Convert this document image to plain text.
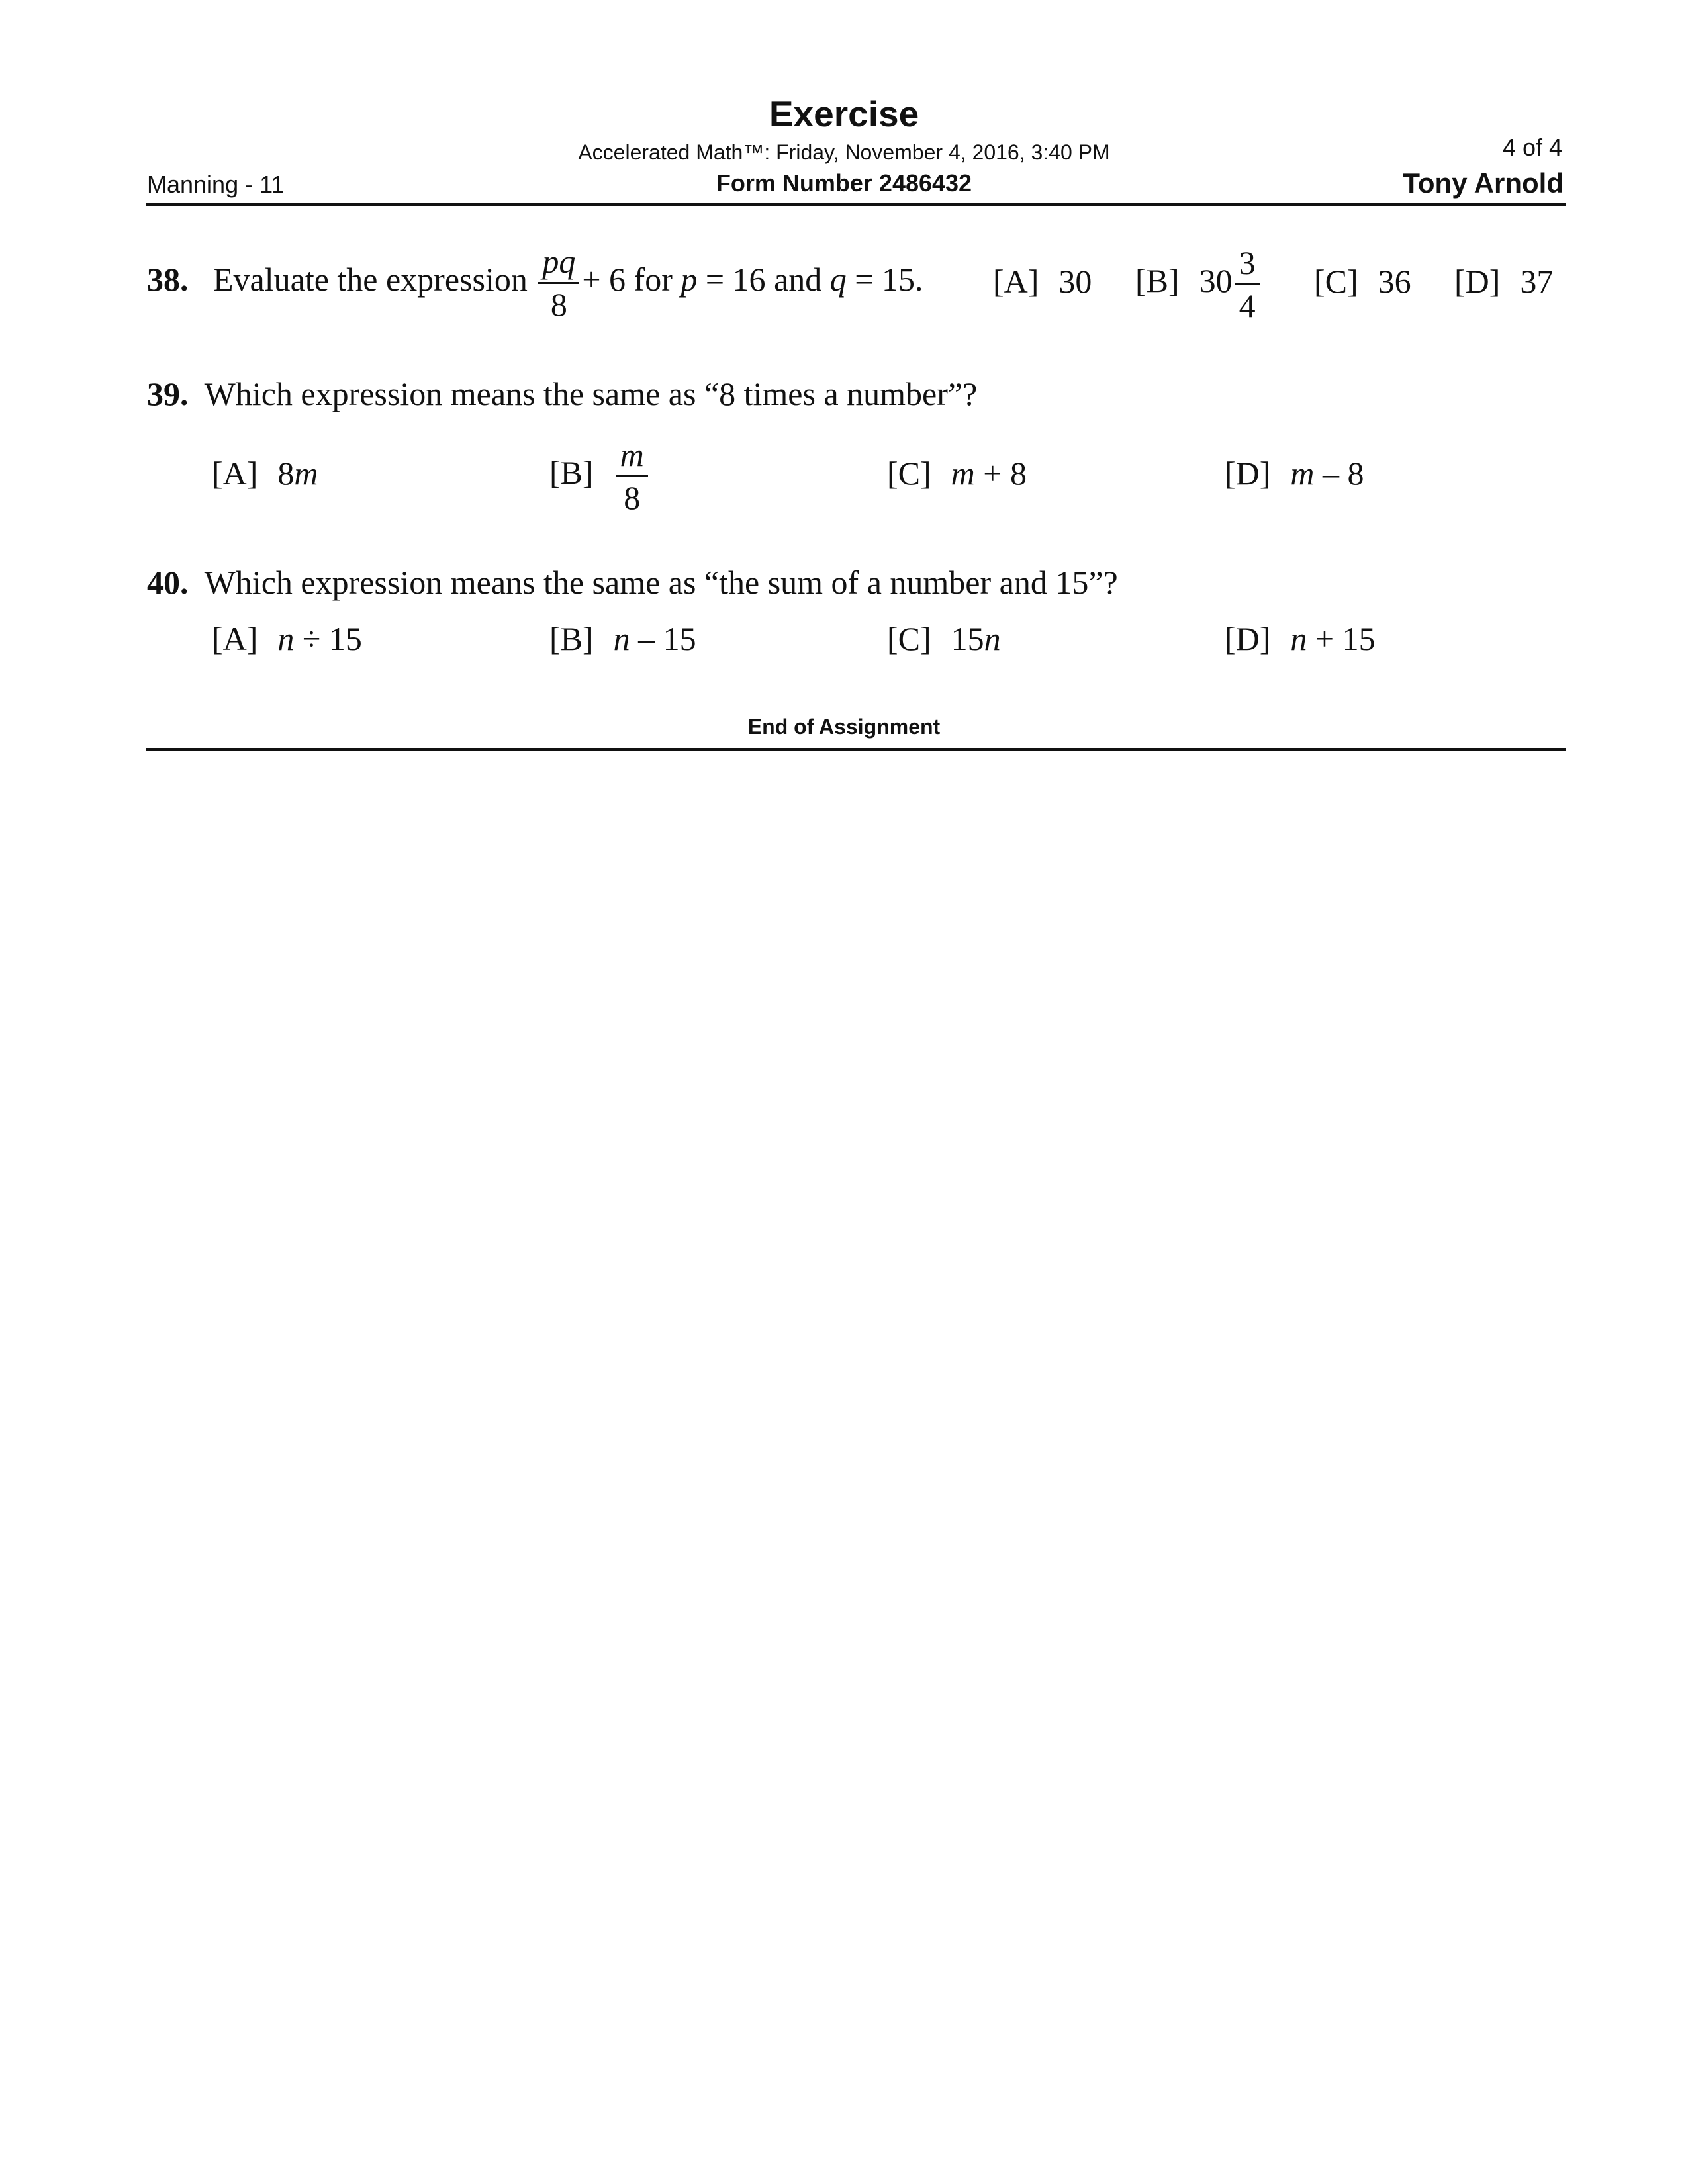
Exercise
Accelerated Math™: Friday, November 4, 2016, 3:40 PM
Form Number 2486432
4 of 4
Manning - 11	Tony Arnold
38. Evaluate the expression $\frac{pq}{8} + 6$ for p = 16 and q = 15. [A] 30 [B] $30 \frac{3}{4} [C]$ 36 [D] 37
39. Which expression means the same as “8 times a number”?
[A] 8m	$[B] \frac{m}{8}$	[C] m + 8	[D] m – 8
40. Which expression means the same as “the sum of a number and 15”?
[A] n ÷ 15	[B] n – 15	[C] 15n	[D] n + 15
End of Assignment
